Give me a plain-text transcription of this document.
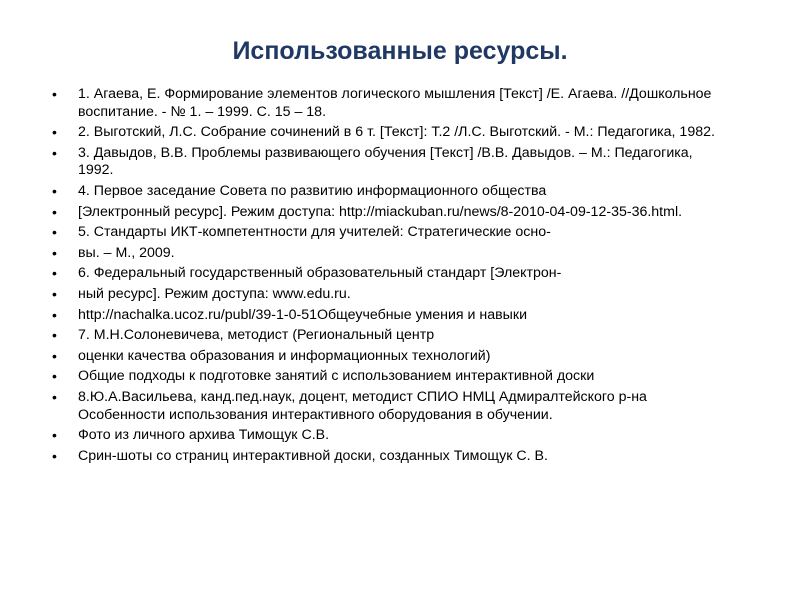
Использованные ресурсы.
• 1. Агаева, Е. Формирование элементов логического мышления [Текст] /Е. Агаева. //Дошкольное воспитание. - № 1. – 1999. С. 15 – 18.
• 2. Выготский, Л.С. Собрание сочинений в 6 т. [Текст]: Т.2 /Л.С. Выготский. - М.: Педагогика, 1982.
• 3. Давыдов, В.В. Проблемы развивающего обучения [Текст] /В.В. Давыдов. – М.: Педагогика, 1992.
• 4. Первое заседание Совета по развитию информационного общества
• [Электронный ресурс]. Режим доступа: http://miackuban.ru/news/8-2010-04-09-12-35-36.html.
• 5. Стандарты ИКТ-компетентности для учителей: Стратегические осно-
• вы. – М., 2009.
• 6. Федеральный государственный образовательный стандарт [Электрон-
• ный ресурс]. Режим доступа: www.edu.ru.
• http://nachalka.ucoz.ru/publ/39-1-0-51Общеучебные умения и навыки
• 7. М.Н.Солоневичева, методист (Региональный центр
• оценки качества образования и информационных технологий)
• Общие подходы к подготовке занятий с использованием интерактивной доски
• 8.Ю.А.Васильева, канд.пед.наук, доцент, методист СПИО НМЦ Адмиралтейского р-на Особенности использования интерактивного оборудования в обучении.
• Фото из личного архива Тимощук С.В.
• Срин-шоты со страниц интерактивной доски, созданных Тимощук С. В.
